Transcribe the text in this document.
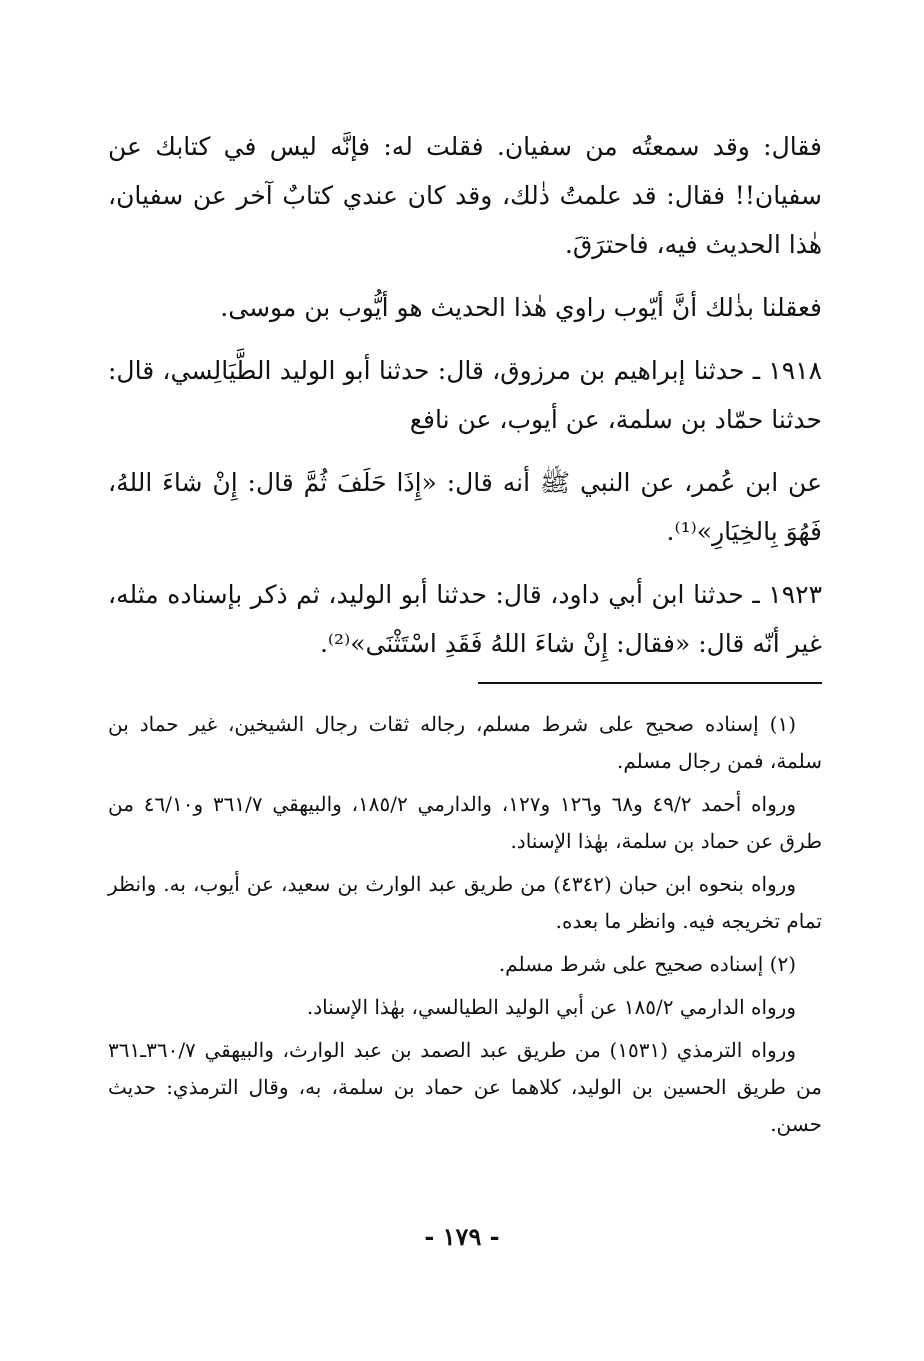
فقال: وقد سمعتُه من سفيان. فقلت له: فإنَّه ليس في كتابك عن سفيان!! فقال: قد علمتُ ذٰلك، وقد كان عندي كتابٌ آخر عن سفيان، هٰذا الحديث فيه، فاحترَقَ.

فعقلنا بذٰلك أنَّ أيّوب راوي هٰذا الحديث هو أيُّوب بن موسى.

١٩١٨ ـ حدثنا إبراهيم بن مرزوق، قال: حدثنا أبو الوليد الطَّيَالِسي، قال: حدثنا حمّاد بن سلمة، عن أيوب، عن نافع

عن ابن عُمر، عن النبي ﷺ أنه قال: «إِذَا حَلَفَ ثُمَّ قال: إِنْ شاءَ اللهُ، فَهُوَ بِالخِيَارِ»⁽¹⁾.

١٩٢٣ ـ حدثنا ابن أبي داود، قال: حدثنا أبو الوليد، ثم ذكر بإسناده مثله، غير أنّه قال: «فقال: إِنْ شاءَ اللهُ فَقَدِ اسْتَثْنَى»⁽²⁾.

(١) إسناده صحيح على شرط مسلم، رجاله ثقات رجال الشيخين، غير حماد بن سلمة، فمن رجال مسلم.

ورواه أحمد ٤٩/٢ و٦٨ و١٢٦ و١٢٧، والدارمي ١٨٥/٢، والبيهقي ٣٦١/٧ و٤٦/١٠ من طرق عن حماد بن سلمة، بهٰذا الإسناد.

ورواه بنحوه ابن حبان (٤٣٤٢) من طريق عبد الوارث بن سعيد، عن أيوب، به. وانظر تمام تخريجه فيه. وانظر ما بعده.

(٢) إسناده صحيح على شرط مسلم.

ورواه الدارمي ١٨٥/٢ عن أبي الوليد الطيالسي، بهٰذا الإسناد.

ورواه الترمذي (١٥٣١) من طريق عبد الصمد بن عبد الوارث، والبيهقي ٣٦٠/٧ـ٣٦١ من طريق الحسين بن الوليد، كلاهما عن حماد بن سلمة، به، وقال الترمذي: حديث حسن.

- ١٧٩ -
